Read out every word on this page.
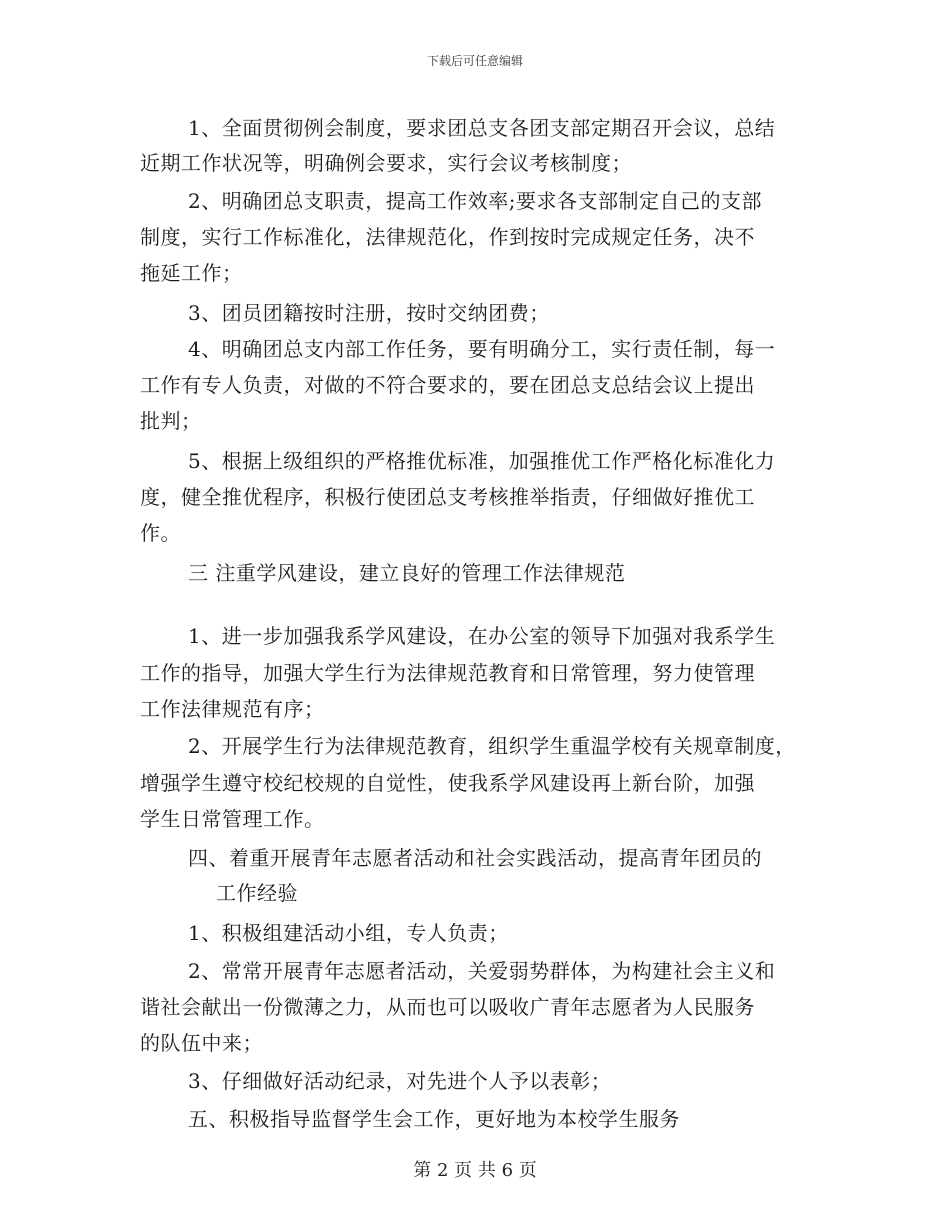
下载后可任意编辑
1、全面贯彻例会制度，要求团总支各团支部定期召开会议，总结
近期工作状况等，明确例会要求，实行会议考核制度；
2、明确团总支职责，提高工作效率;要求各支部制定自己的支部
制度，实行工作标准化，法律规范化，作到按时完成规定任务，决不
拖延工作；
3、团员团籍按时注册，按时交纳团费；
4、明确团总支内部工作任务，要有明确分工，实行责任制，每一
工作有专人负责，对做的不符合要求的，要在团总支总结会议上提出
批判；
5、根据上级组织的严格推优标准，加强推优工作严格化标准化力
度，健全推优程序，积极行使团总支考核推举指责，仔细做好推优工
作。
三 注重学风建设，建立良好的管理工作法律规范
1、进一步加强我系学风建设，在办公室的领导下加强对我系学生
工作的指导，加强大学生行为法律规范教育和日常管理，努力使管理
工作法律规范有序；
2、开展学生行为法律规范教育，组织学生重温学校有关规章制度，
增强学生遵守校纪校规的自觉性，使我系学风建设再上新台阶，加强
学生日常管理工作。
四、着重开展青年志愿者活动和社会实践活动，提高青年团员的
工作经验
1、积极组建活动小组，专人负责；
2、常常开展青年志愿者活动，关爱弱势群体，为构建社会主义和
谐社会献出一份微薄之力，从而也可以吸收广青年志愿者为人民服务
的队伍中来；
3、仔细做好活动纪录，对先进个人予以表彰；
五、积极指导监督学生会工作，更好地为本校学生服务
第 2 页 共 6 页
